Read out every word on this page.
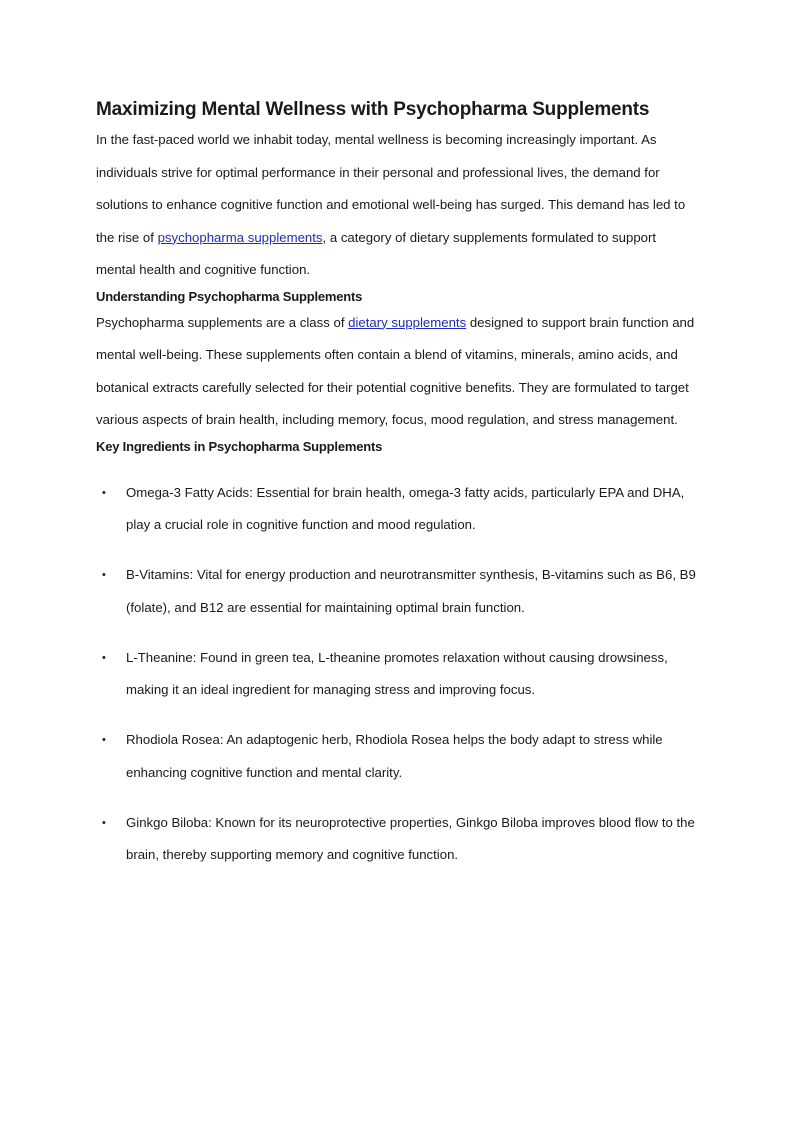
Maximizing Mental Wellness with Psychopharma Supplements

In the fast-paced world we inhabit today, mental wellness is becoming increasingly important. As individuals strive for optimal performance in their personal and professional lives, the demand for solutions to enhance cognitive function and emotional well-being has surged. This demand has led to the rise of psychopharma supplements, a category of dietary supplements formulated to support mental health and cognitive function.

Understanding Psychopharma Supplements

Psychopharma supplements are a class of dietary supplements designed to support brain function and mental well-being. These supplements often contain a blend of vitamins, minerals, amino acids, and botanical extracts carefully selected for their potential cognitive benefits. They are formulated to target various aspects of brain health, including memory, focus, mood regulation, and stress management.

Key Ingredients in Psychopharma Supplements
• Omega-3 Fatty Acids: Essential for brain health, omega-3 fatty acids, particularly EPA and DHA, play a crucial role in cognitive function and mood regulation.
• B-Vitamins: Vital for energy production and neurotransmitter synthesis, B-vitamins such as B6, B9 (folate), and B12 are essential for maintaining optimal brain function.
• L-Theanine: Found in green tea, L-theanine promotes relaxation without causing drowsiness, making it an ideal ingredient for managing stress and improving focus.
• Rhodiola Rosea: An adaptogenic herb, Rhodiola Rosea helps the body adapt to stress while enhancing cognitive function and mental clarity.
• Ginkgo Biloba: Known for its neuroprotective properties, Ginkgo Biloba improves blood flow to the brain, thereby supporting memory and cognitive function.
